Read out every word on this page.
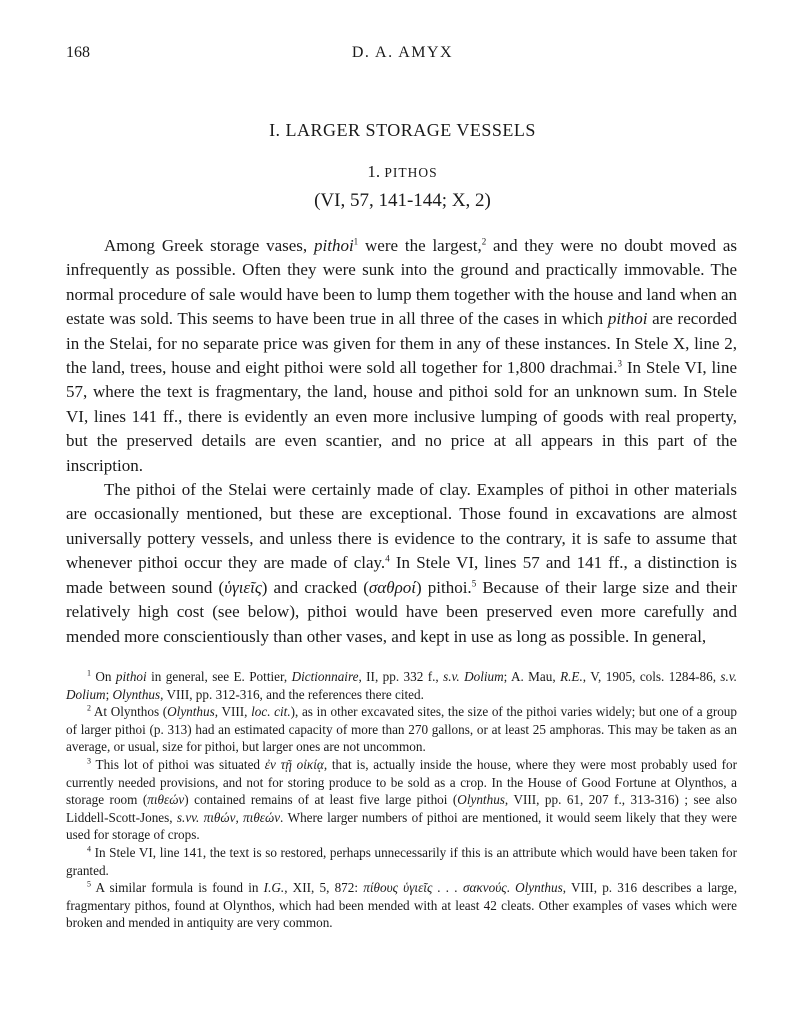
168	D. A. AMYX
I. LARGER STORAGE VESSELS
1. PITHOS
(VI, 57, 141-144; X, 2)

Among Greek storage vases, pithoi$^1$ were the largest,$^2$ and they were no doubt moved as infrequently as possible. Often they were sunk into the ground and practically immovable. The normal procedure of sale would have been to lump them together with the house and land when an estate was sold. This seems to have been true in all three of the cases in which pithoi are recorded in the Stelai, for no separate price was given for them in any of these instances. In Stele X, line 2, the land, trees, house and eight pithoi were sold all together for 1,800 drachmai.$^3$ In Stele VI, line 57, where the text is fragmentary, the land, house and pithoi sold for an unknown sum. In Stele VI, lines 141 ff., there is evidently an even more inclusive lumping of goods with real property, but the preserved details are even scantier, and no price at all appears in this part of the inscription.

The pithoi of the Stelai were certainly made of clay. Examples of pithoi in other materials are occasionally mentioned, but these are exceptional. Those found in excavations are almost universally pottery vessels, and unless there is evidence to the contrary, it is safe to assume that whenever pithoi occur they are made of clay.$^4$ In Stele VI, lines 57 and 141 ff., a distinction is made between sound (ὑγιεῖς) and cracked (σαθροί) pithoi.$^5$ Because of their large size and their relatively high cost (see below), pithoi would have been preserved even more carefully and mended more conscientiously than other vases, and kept in use as long as possible. In general,

$^1$ On pithoi in general, see E. Pottier, Dictionnaire, II, pp. 332 f., s.v. Dolium; A. Mau, R.E., V, 1905, cols. 1284-86, s.v. Dolium; Olynthus, VIII, pp. 312-316, and the references there cited.

$^2$ At Olynthos (Olynthus, VIII, loc. cit.), as in other excavated sites, the size of the pithoi varies widely; but one of a group of larger pithoi (p. 313) had an estimated capacity of more than 270 gallons, or at least 25 amphoras. This may be taken as an average, or usual, size for pithoi, but larger ones are not uncommon.

$^3$ This lot of pithoi was situated ἐν τῇ οἰκίᾳ, that is, actually inside the house, where they were most probably used for currently needed provisions, and not for storing produce to be sold as a crop. In the House of Good Fortune at Olynthos, a storage room (πιθεών) contained remains of at least five large pithoi (Olynthus, VIII, pp. 61, 207 f., 313-316) ; see also Liddell-Scott-Jones, s.vv. πιθών, πιθεών. Where larger numbers of pithoi are mentioned, it would seem likely that they were used for storage of crops.

$^4$ In Stele VI, line 141, the text is so restored, perhaps unnecessarily if this is an attribute which would have been taken for granted.

$^5$ A similar formula is found in I.G., XII, 5, 872: πίθους ὑγιεῖς . . . σακνούς. Olynthus, VIII, p. 316 describes a large, fragmentary pithos, found at Olynthos, which had been mended with at least 42 cleats. Other examples of vases which were broken and mended in antiquity are very common.
